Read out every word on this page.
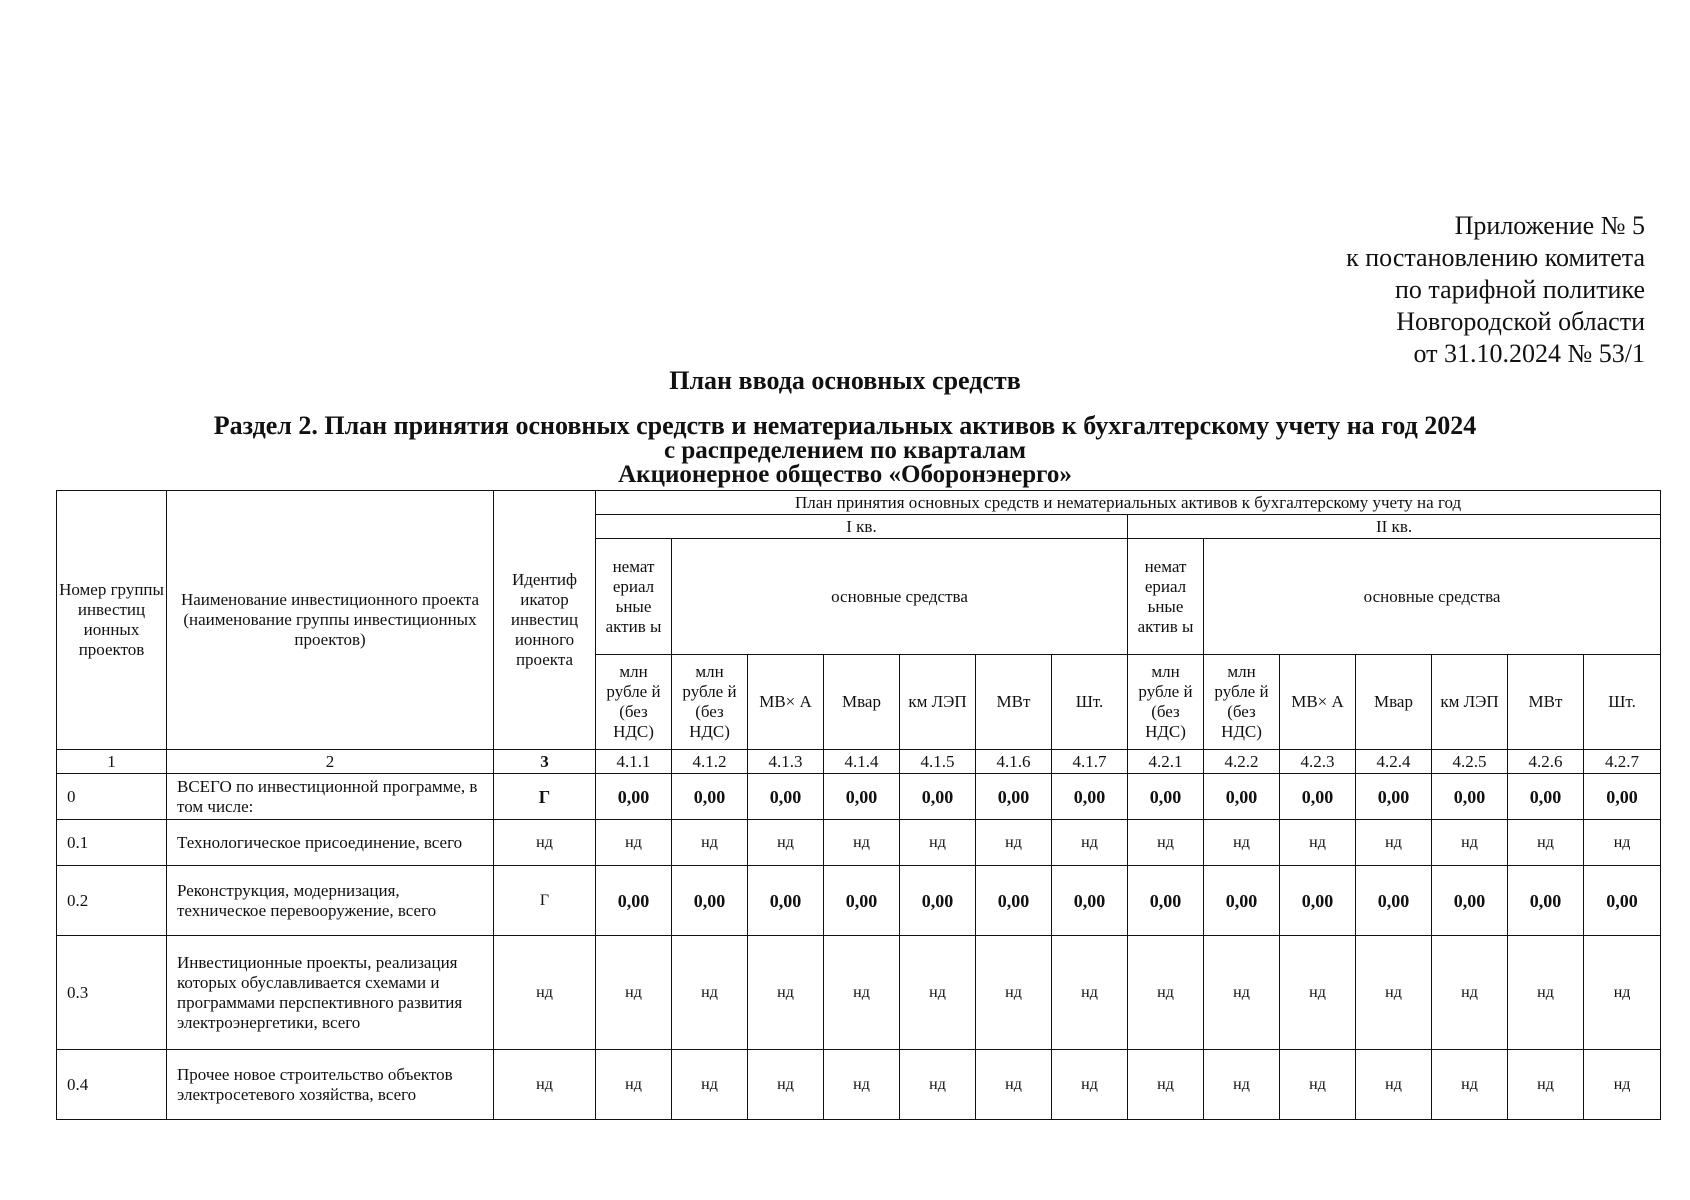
Приложение № 5
к постановлению комитета
по тарифной политике
Новгородской области
от 31.10.2024 № 53/1
План ввода основных средств
Раздел 2. План принятия основных средств и нематериальных активов к бухгалтерскому учету на год 2024
с распределением по кварталам
Акционерное общество «Оборонэнерго»
Номер группы инвестиц ионных проектов	Наименование инвестиционного проекта (наименование группы инвестиционных проектов)	Идентиф икатор инвестиц ионного проекта	План принятия основных средств и нематериальных активов к бухгалтерскому учету на год													
			I кв.							II кв.						
			немат ериал ьные актив ы	основные средства						немат ериал ьные актив ы	основные средства					
			млн рубле й (без НДС)	млн рубле й (без НДС)	МВ× А	Мвар	км ЛЭП	МВт	Шт.	млн рубле й (без НДС)	млн рубле й (без НДС)	МВ× А	Мвар	км ЛЭП	МВт	Шт.
1	2	3	4.1.1	4.1.2	4.1.3	4.1.4	4.1.5	4.1.6	4.1.7	4.2.1	4.2.2	4.2.3	4.2.4	4.2.5	4.2.6	4.2.7
0	ВСЕГО по инвестиционной программе, в том числе:	Г	0,00	0,00	0,00	0,00	0,00	0,00	0,00	0,00	0,00	0,00	0,00	0,00	0,00	0,00
0.1	Технологическое присоединение, всего	нд	нд	нд	нд	нд	нд	нд	нд	нд	нд	нд	нд	нд	нд	нд
0.2	Реконструкция, модернизация, техническое перевооружение, всего	Г	0,00	0,00	0,00	0,00	0,00	0,00	0,00	0,00	0,00	0,00	0,00	0,00	0,00	0,00
0.3	Инвестиционные проекты, реализация которых обуславливается схемами и программами перспективного развития электроэнергетики, всего	нд	нд	нд	нд	нд	нд	нд	нд	нд	нд	нд	нд	нд	нд	нд
0.4	Прочее новое строительство объектов электросетевого хозяйства, всего	нд	нд	нд	нд	нд	нд	нд	нд	нд	нд	нд	нд	нд	нд	нд
